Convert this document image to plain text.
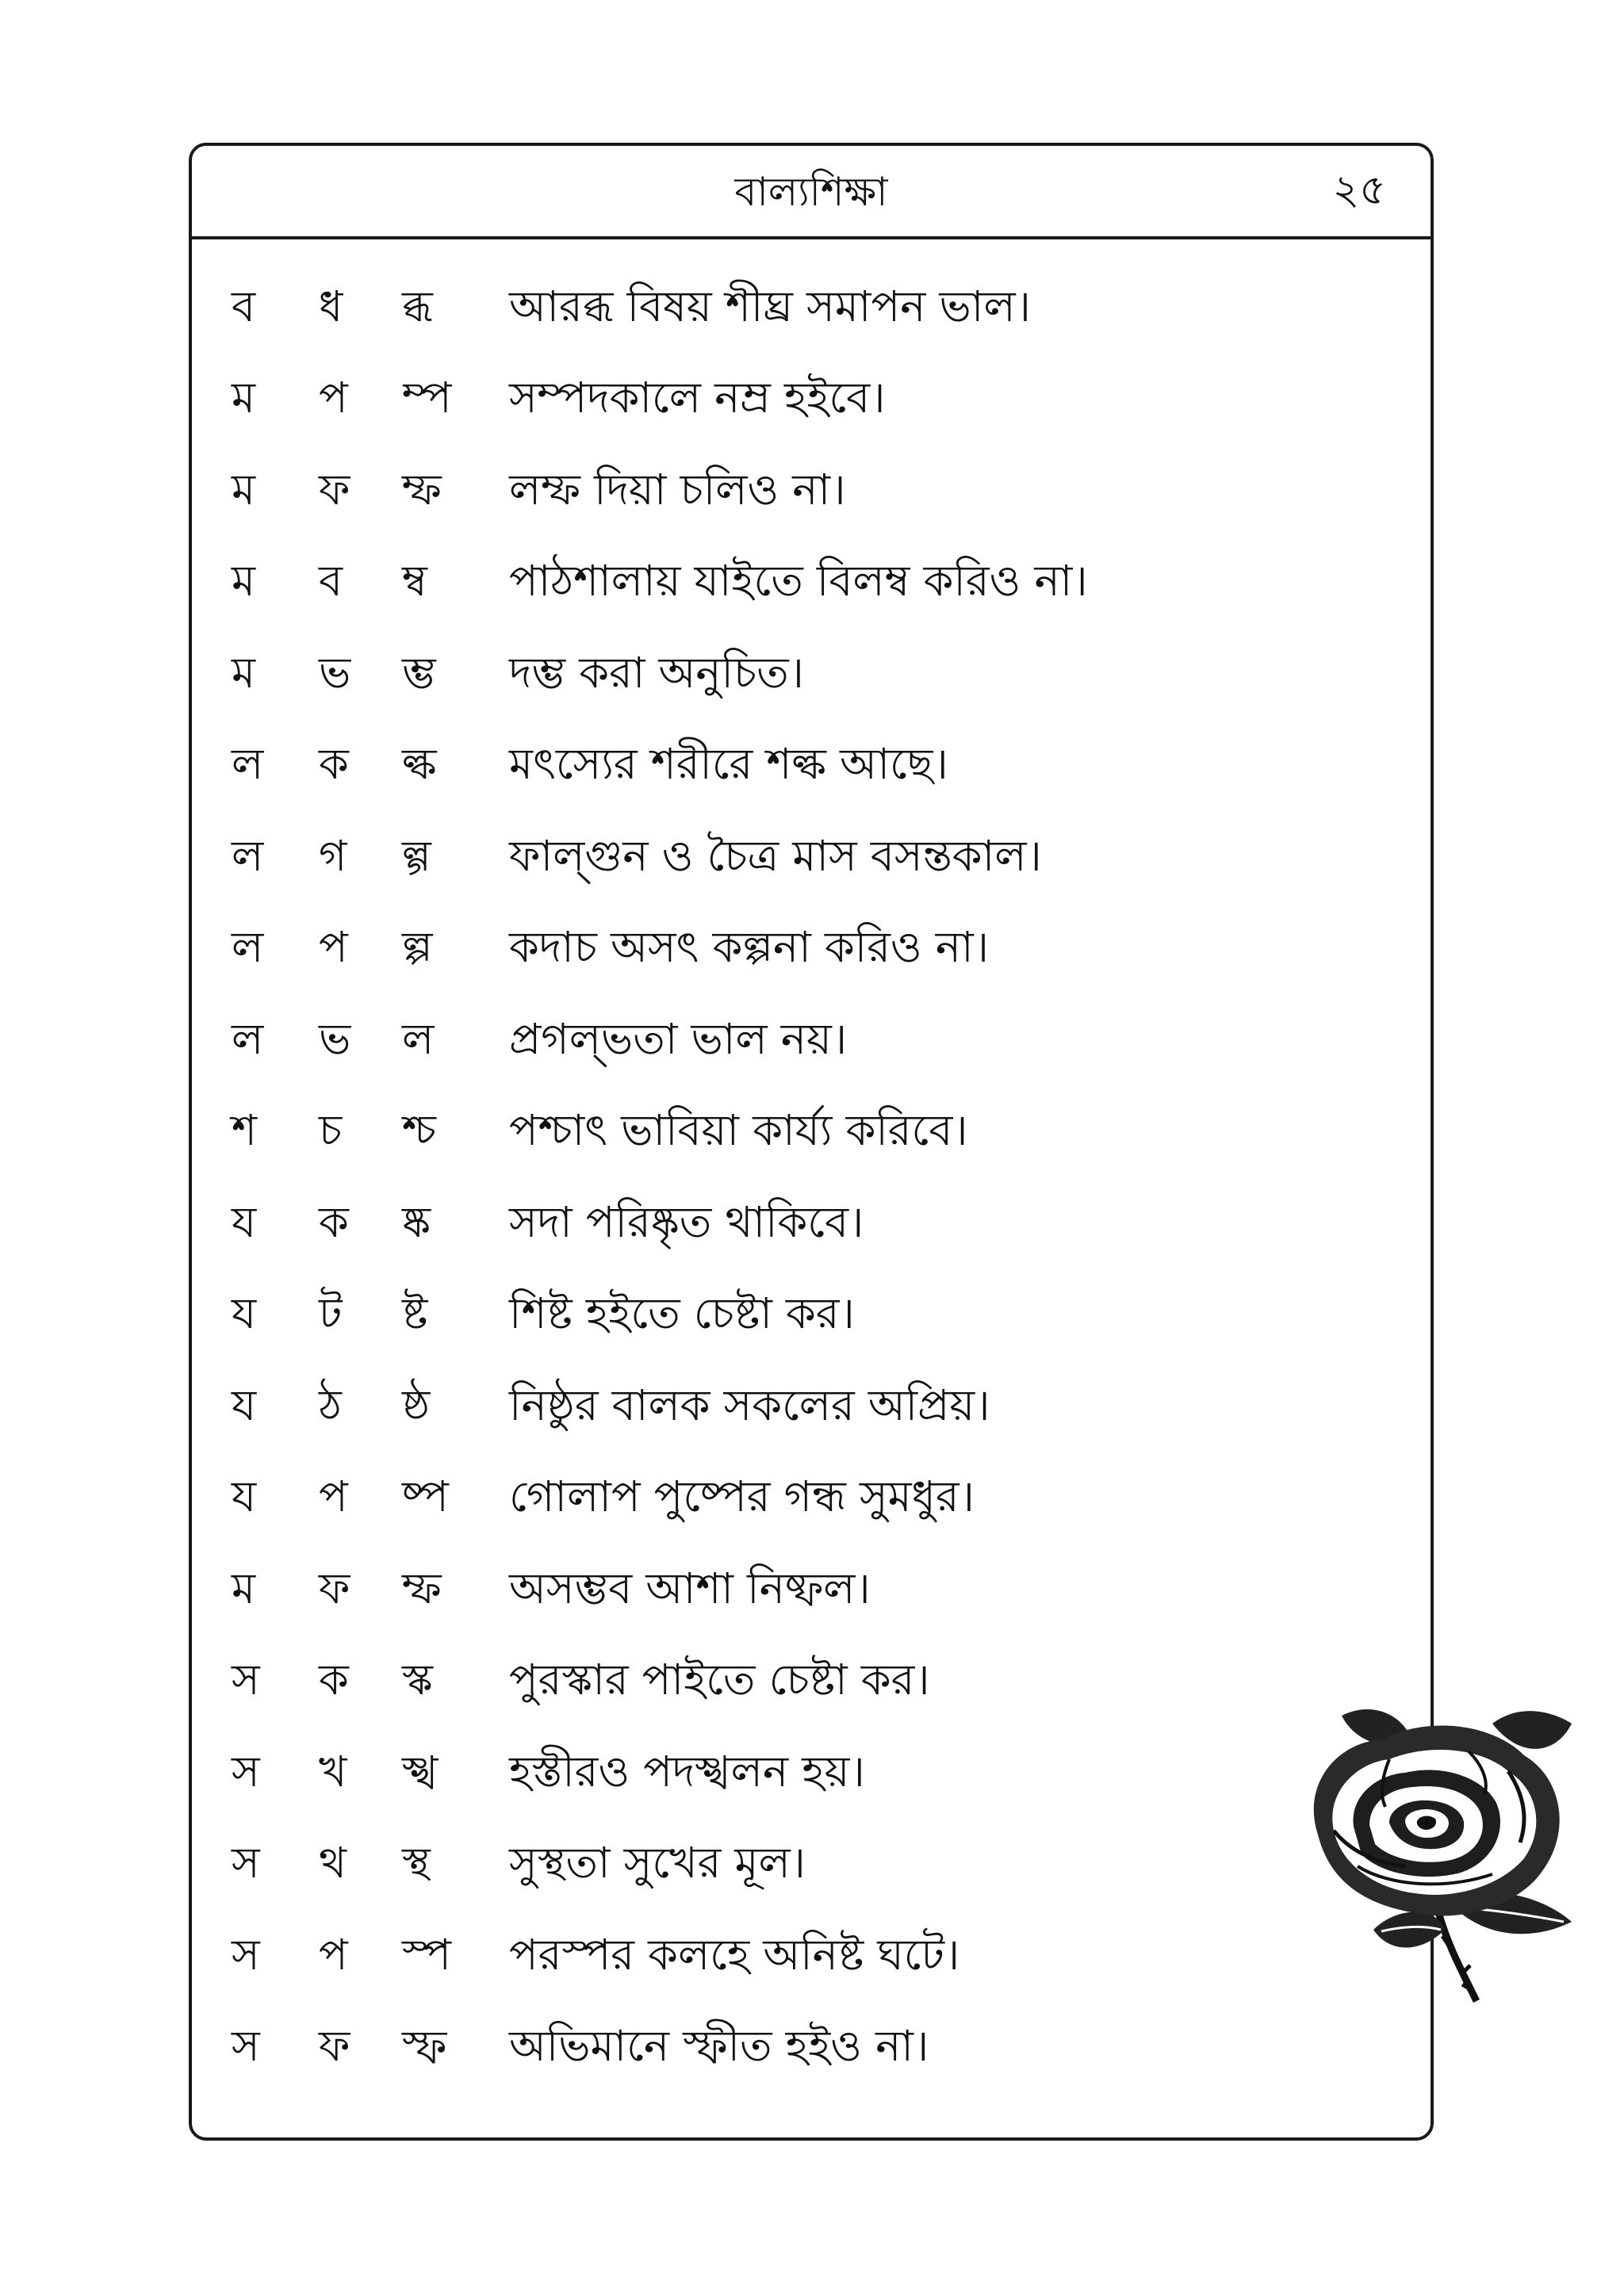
বাল্যশিক্ষা	২৫
ব	ধ	ব্ধ	আরব্ধ বিষয় শীঘ্র সমাপন ভাল।
ম	প	ম্প	সম্পদকালে নম্র হইবে।
ম	ফ	ম্ফ	লম্ফ দিয়া চলিও না।
ম	ব	ম্ব	পাঠশালায় যাইতে বিলম্ব করিও না।
ম	ভ	ম্ভ	দম্ভ করা অনুচিত।
ল	ক	ল্ক	মৎস্যের শরীরে শল্ক আছে।
ল	গ	ল্গ	ফাল্গুন ও চৈত্র মাস বসন্তকাল।
ল	প	ল্প	কদাচ অসৎ কল্পনা করিও না।
ল	ভ	ল	প্রগল্ভতা ভাল নয়।
শ	চ	শ্চ	পশ্চাৎ ভাবিয়া কার্য্য করিবে।
য	ক	ষ্ক	সদা পরিষ্কৃত থাকিবে।
য	ট	ষ্ট	শিষ্ট হইতে চেষ্টা কর।
য	ঠ	ষ্ঠ	নিষ্ঠুর বালক সকলের অপ্রিয়।
য	প	ষ্প	গোলাপ পুষ্পের গন্ধ সুমধুর।
ম	ফ	ম্ফ	অসম্ভব আশা নিষ্ফল।
স	ক	স্ক	পুরস্কার পাইতে চেষ্টা কর।
স	খ	স্খ	হস্তীরও পদস্খলন হয়।
স	থ	স্থ	সুস্থতা সুখের মূল।
স	প	স্প	পরস্পর কলহে অনিষ্ট ঘটে।
স	ফ	স্ফ	অভিমানে স্ফীত হইও না।
